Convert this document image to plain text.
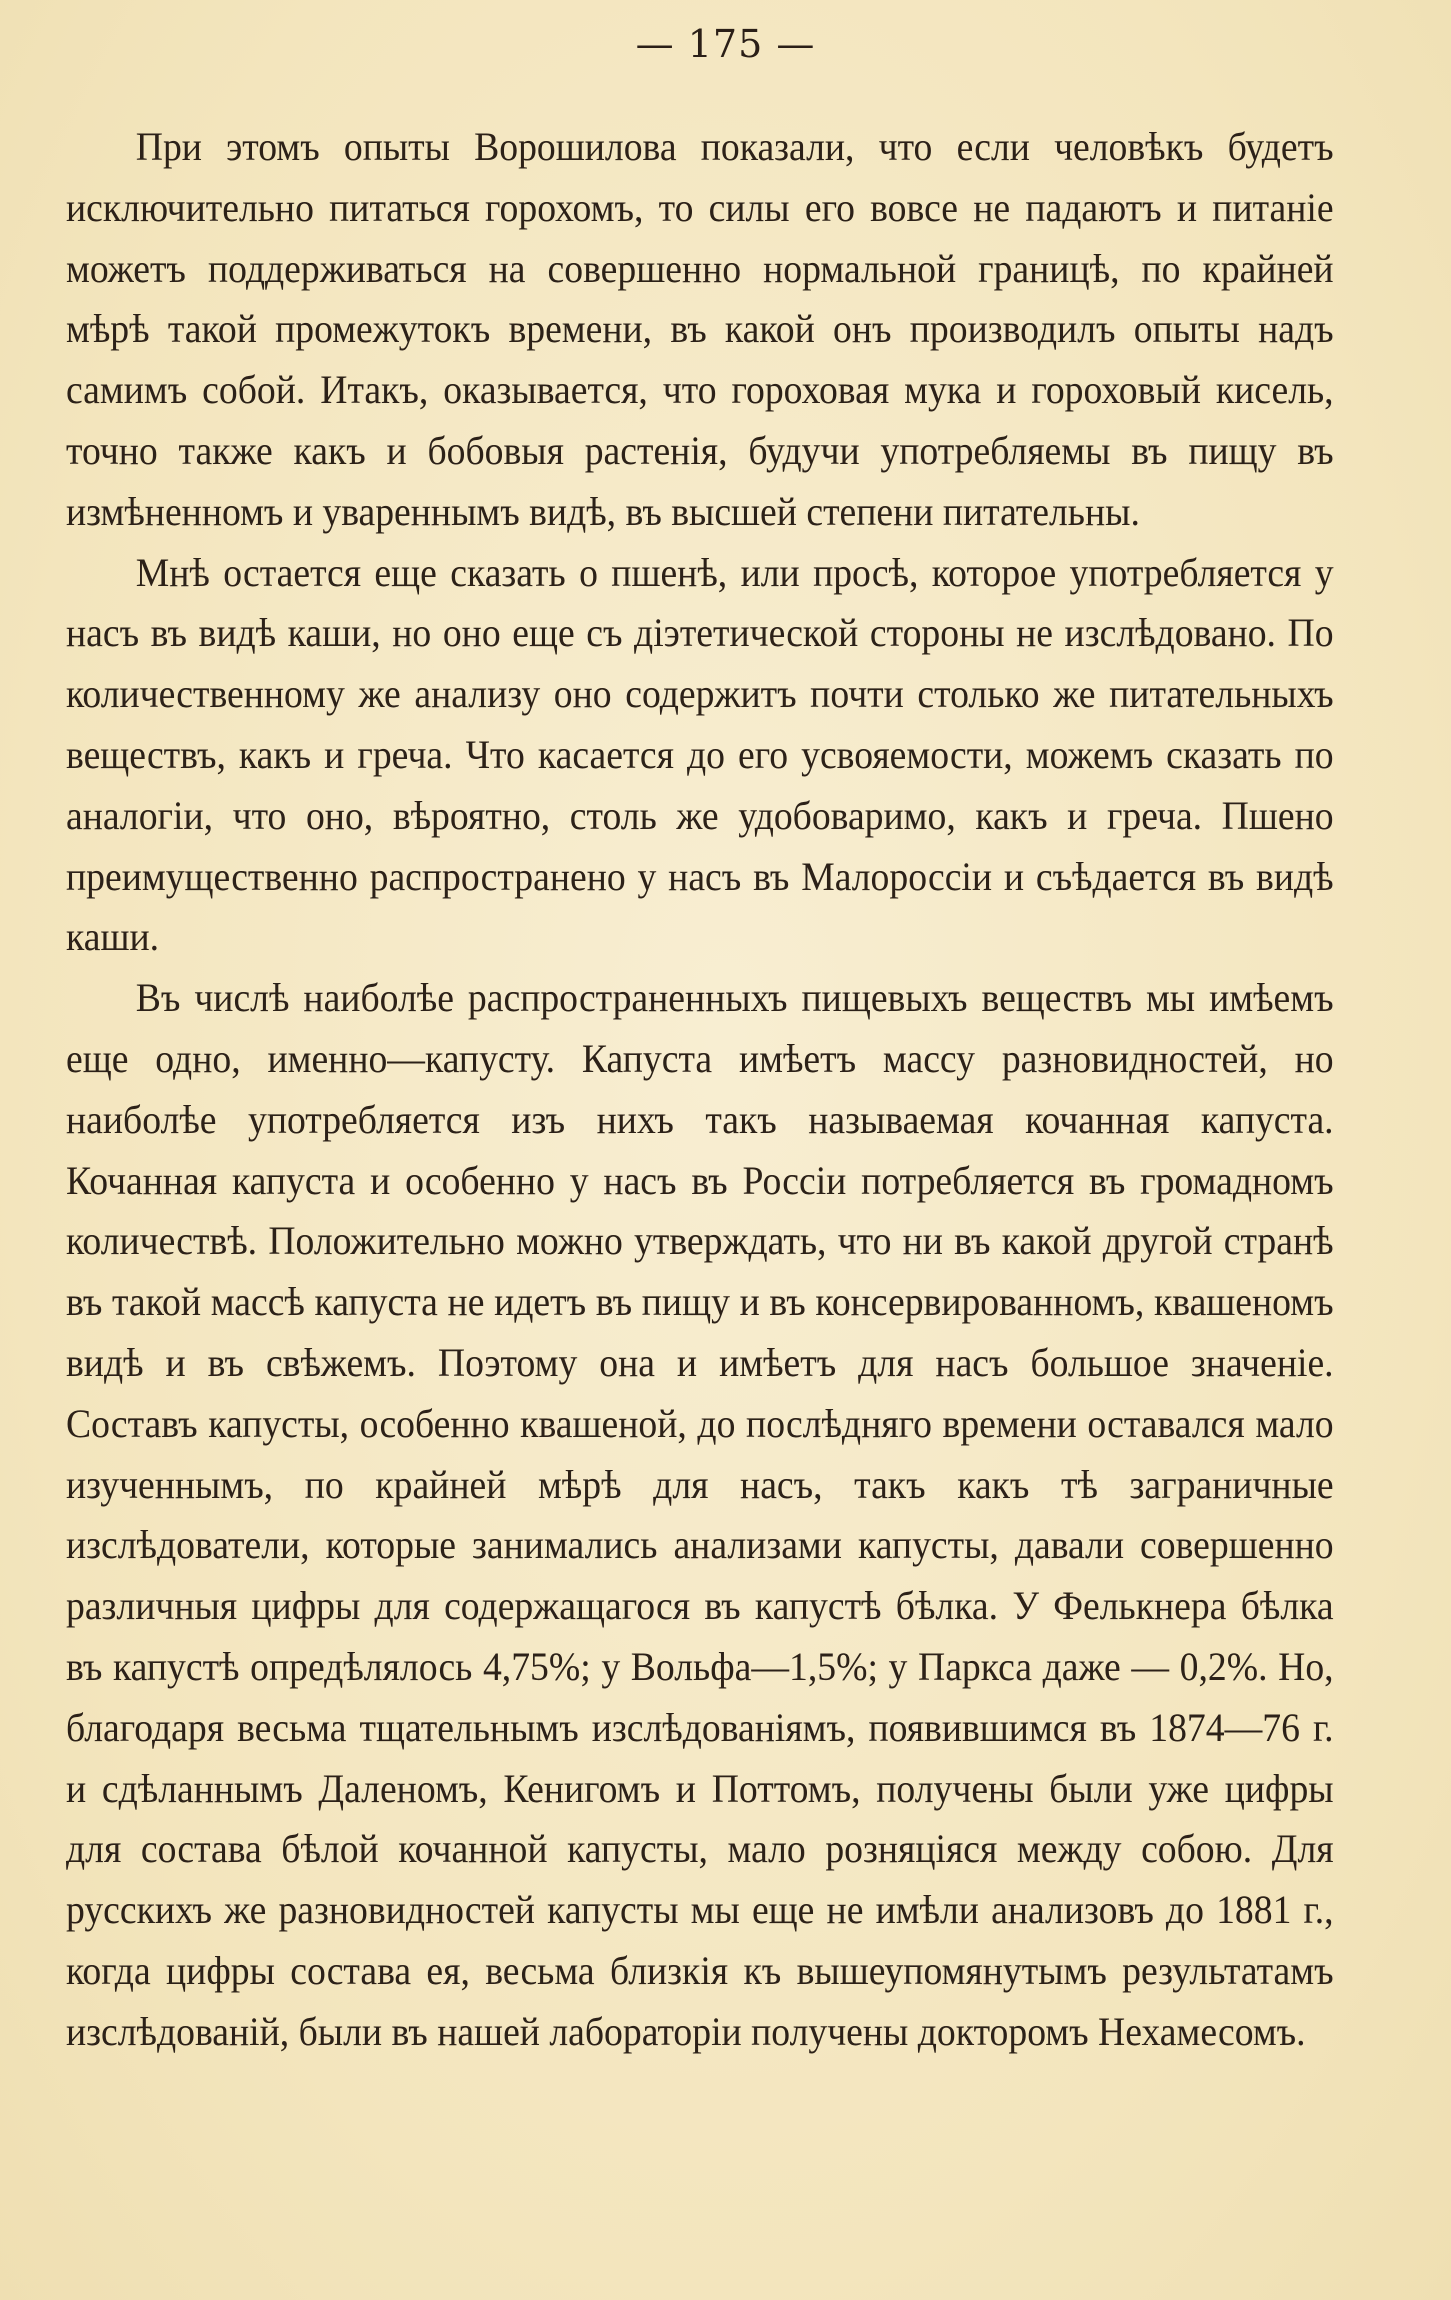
— 175 —

При этомъ опыты Ворошилова показали, что если человѣкъ будетъ исключительно питаться горохомъ, то силы его вовсе не падаютъ и питаніе можетъ поддерживаться на совершенно нормальной границѣ, по крайней мѣрѣ такой промежутокъ времени, въ какой онъ производилъ опыты надъ самимъ собой. Итакъ, оказывается, что гороховая мука и гороховый кисель, точно также какъ и бобовыя растенія, будучи употребляемы въ пищу въ измѣненномъ и увареннымъ видѣ, въ высшей степени питательны.

Мнѣ остается еще сказать о пшенѣ, или просѣ, которое употребляется у насъ въ видѣ каши, но оно еще съ діэтетической стороны не изслѣдовано. По количественному же анализу оно содержитъ почти столько же питательныхъ веществъ, какъ и греча. Что касается до его усвояемости, можемъ сказать по аналогіи, что оно, вѣроятно, столь же удобоваримо, какъ и греча. Пшено преимущественно распространено у насъ въ Малороссіи и съѣдается въ видѣ каши.

Въ числѣ наиболѣе распространенныхъ пищевыхъ веществъ мы имѣемъ еще одно, именно—капусту. Капуста имѣетъ массу разновидностей, но наиболѣе употребляется изъ нихъ такъ называемая кочанная капуста. Кочанная капуста и особенно у насъ въ Россіи потребляется въ громадномъ количествѣ. Положительно можно утверждать, что ни въ какой другой странѣ въ такой массѣ капуста не идетъ въ пищу и въ консервированномъ, квашеномъ видѣ и въ свѣжемъ. Поэтому она и имѣетъ для насъ большое значеніе. Составъ капусты, особенно квашеной, до послѣдняго времени оставался мало изученнымъ, по крайней мѣрѣ для насъ, такъ какъ тѣ заграничные изслѣдователи, которые занимались анализами капусты, давали совершенно различныя цифры для содержащагося въ капустѣ бѣлка. У Фелькнера бѣлка въ капустѣ опредѣлялось 4,75%; у Вольфа—1,5%; у Паркса даже — 0,2%. Но, благодаря весьма тщательнымъ изслѣдованіямъ, появившимся въ 1874—76 г. и сдѣланнымъ Даленомъ, Кенигомъ и Поттомъ, получены были уже цифры для состава бѣлой кочанной капусты, мало розняціяся между собою. Для русскихъ же разновидностей капусты мы еще не имѣли анализовъ до 1881 г., когда цифры состава ея, весьма близкія къ вышеупомянутымъ результатамъ изслѣдованій, были въ нашей лабораторіи получены докторомъ Нехамесомъ.
